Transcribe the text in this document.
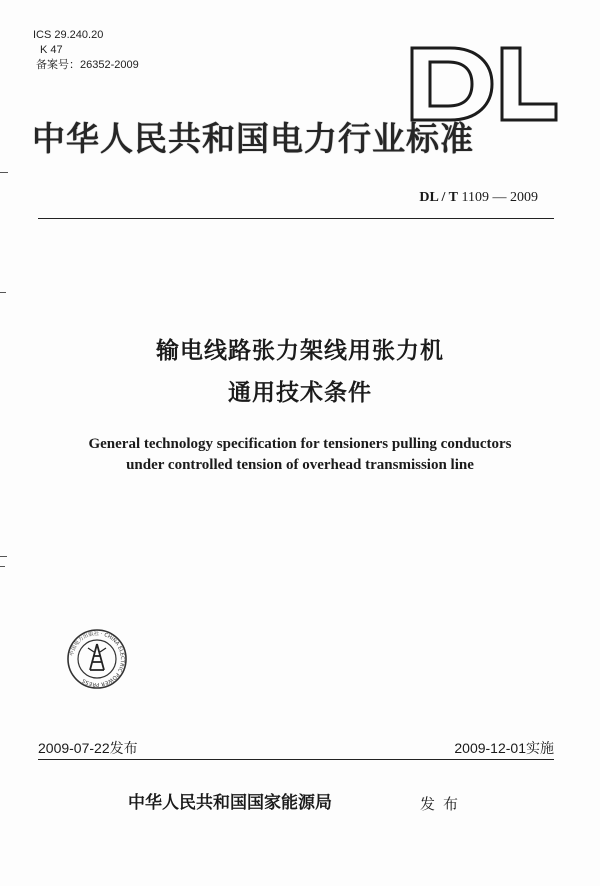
ICS 29.240.20
K 47
备案号：26352-2009
中华人民共和国电力行业标准
DL / T 1109 — 2009
输电线路张力架线用张力机
通用技术条件
General technology specification for tensioners pulling conductors
under controlled tension of overhead transmission line
中国电力出版社 · CHINA ELECTRIC POWER PRESS
2009-07-22发布	2009-12-01实施
中华人民共和国国家能源局	发布
